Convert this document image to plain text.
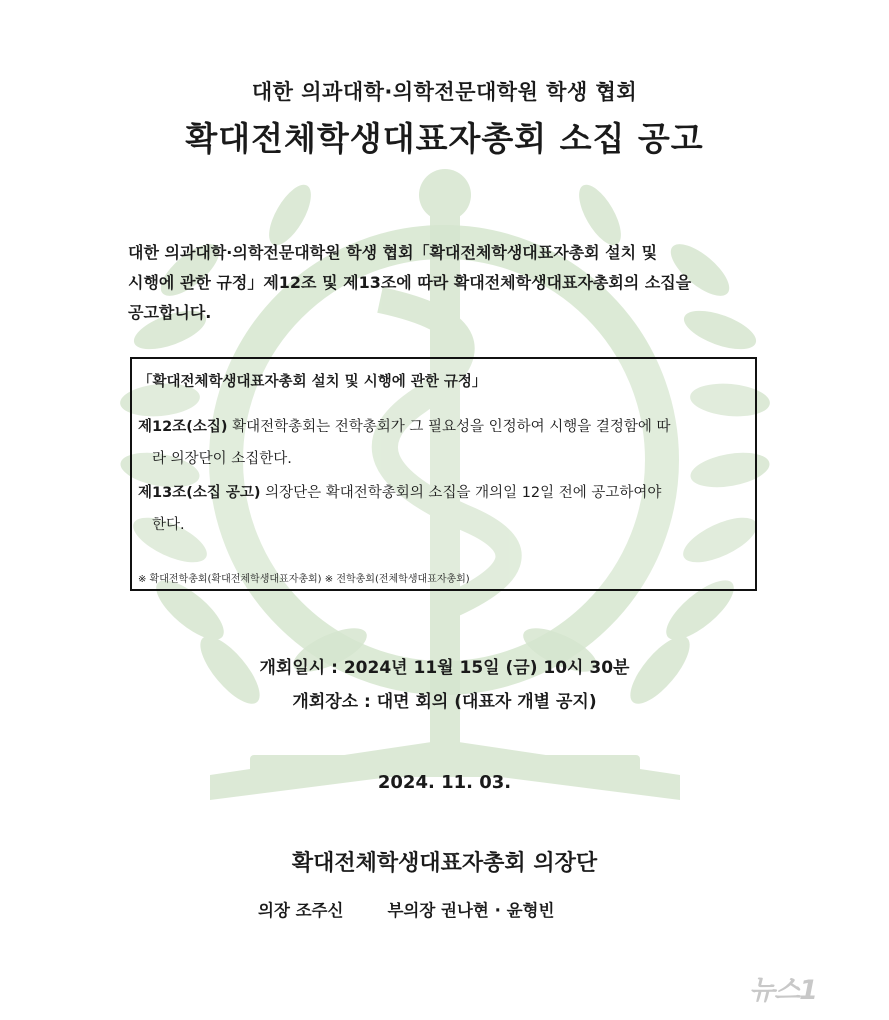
대한 의과대학·의학전문대학원 학생 협회
확대전체학생대표자총회 소집 공고
대한 의과대학·의학전문대학원 학생 협회「확대전체학생대표자총회 설치 및
시행에 관한 규정」제12조 및 제13조에 따라 확대전체학생대표자총회의 소집을
공고합니다.
「확대전체학생대표자총회 설치 및 시행에 관한 규정」
제12조(소집) 확대전학총회는 전학총회가 그 필요성을 인정하여 시행을 결정함에 따
라 의장단이 소집한다.
제13조(소집 공고) 의장단은 확대전학총회의 소집을 개의일 12일 전에 공고하여야
한다.
※ 확대전학총회(확대전체학생대표자총회) ※ 전학총회(전체학생대표자총회)
개회일시 : 2024년 11월 15일 (금) 10시 30분
개회장소 : 대면 회의 (대표자 개별 공지)
2024. 11. 03.
확대전체학생대표자총회 의장단
의장 조주신	부의장 권나현 · 윤형빈
뉴스1
